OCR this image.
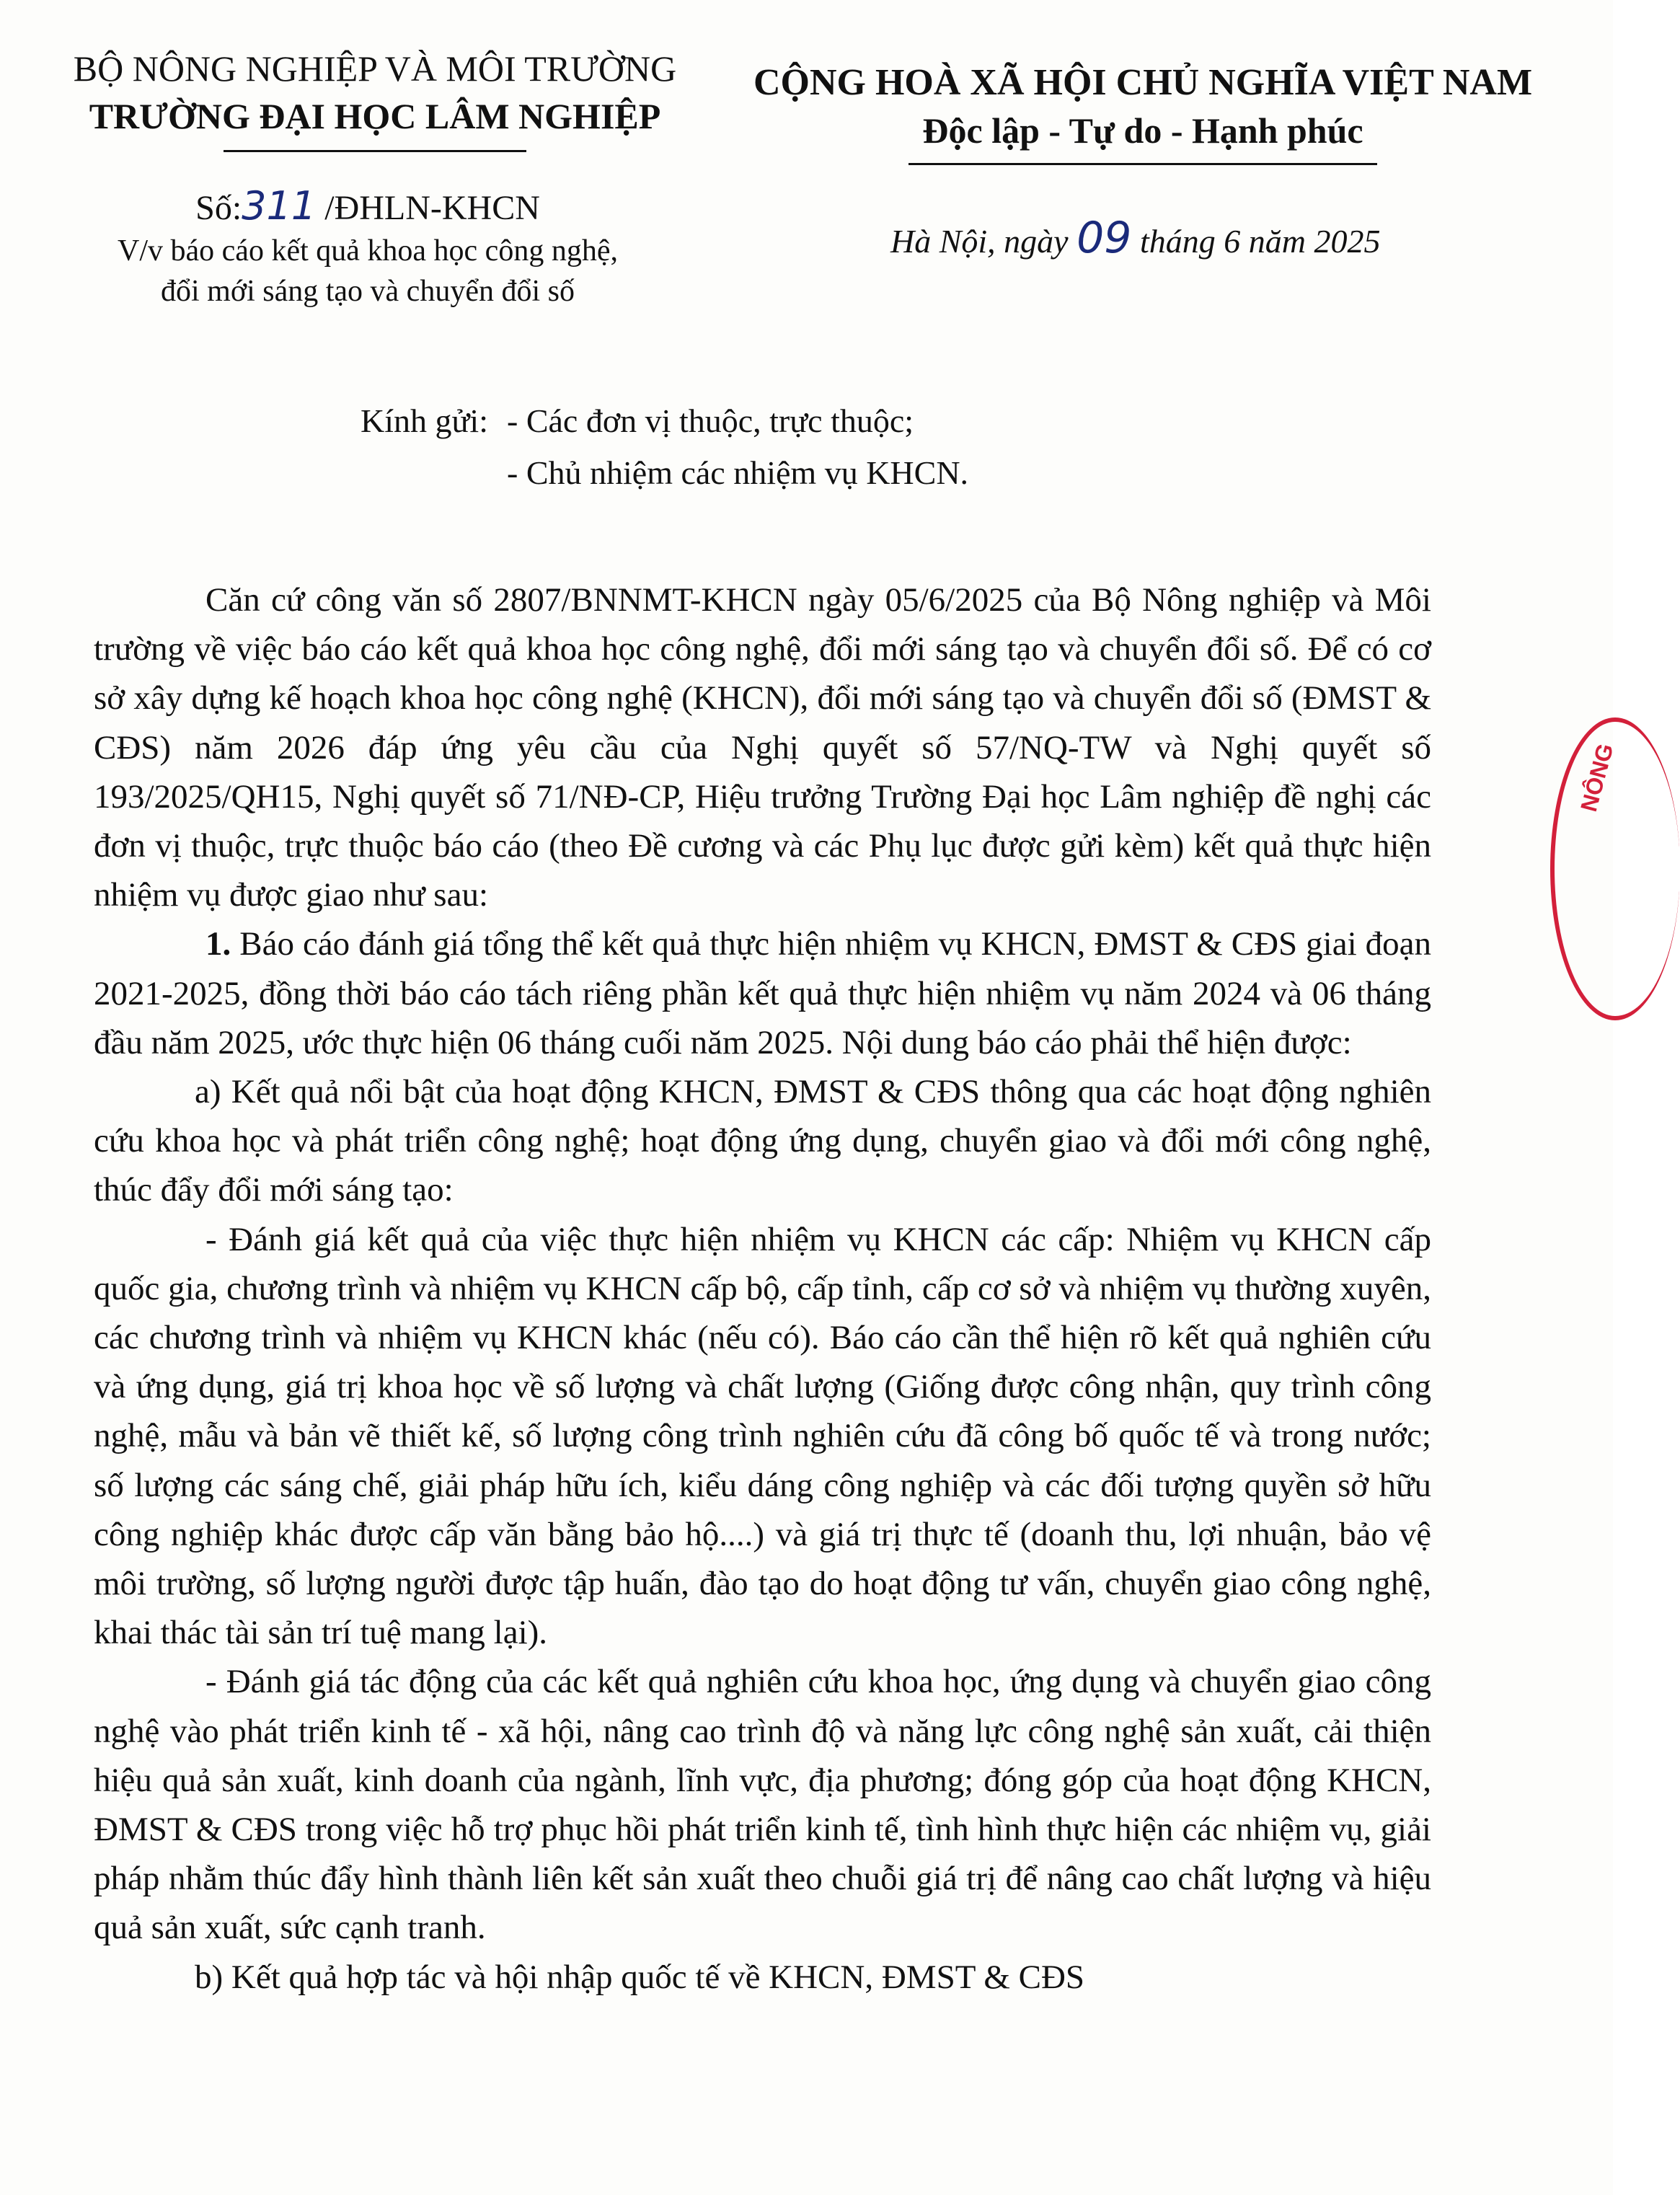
BỘ NÔNG NGHIỆP VÀ MÔI TRƯỜNG
TRƯỜNG ĐẠI HỌC LÂM NGHIỆP
CỘNG HOÀ XÃ HỘI CHỦ NGHĨA VIỆT NAM
Độc lập - Tự do - Hạnh phúc
Số:311 /ĐHLN-KHCN
V/v báo cáo kết quả khoa học công nghệ,
đổi mới sáng tạo và chuyển đổi số
Hà Nội, ngày 09 tháng 6 năm 2025
Kính gửi:	- Các đơn vị thuộc, trực thuộc;
	- Chủ nhiệm các nhiệm vụ KHCN.

Căn cứ công văn số 2807/BNNMT-KHCN ngày 05/6/2025 của Bộ Nông nghiệp và Môi trường về việc báo cáo kết quả khoa học công nghệ, đổi mới sáng tạo và chuyển đổi số. Để có cơ sở xây dựng kế hoạch khoa học công nghệ (KHCN), đổi mới sáng tạo và chuyển đổi số (ĐMST & CĐS) năm 2026 đáp ứng yêu cầu của Nghị quyết số 57/NQ-TW và Nghị quyết số 193/2025/QH15, Nghị quyết số 71/NĐ-CP, Hiệu trưởng Trường Đại học Lâm nghiệp đề nghị các đơn vị thuộc, trực thuộc báo cáo (theo Đề cương và các Phụ lục được gửi kèm) kết quả thực hiện nhiệm vụ được giao như sau:

1. Báo cáo đánh giá tổng thể kết quả thực hiện nhiệm vụ KHCN, ĐMST & CĐS giai đoạn 2021-2025, đồng thời báo cáo tách riêng phần kết quả thực hiện nhiệm vụ năm 2024 và 06 tháng đầu năm 2025, ước thực hiện 06 tháng cuối năm 2025. Nội dung báo cáo phải thể hiện được:

a) Kết quả nổi bật của hoạt động KHCN, ĐMST & CĐS thông qua các hoạt động nghiên cứu khoa học và phát triển công nghệ; hoạt động ứng dụng, chuyển giao và đổi mới công nghệ, thúc đẩy đổi mới sáng tạo:

- Đánh giá kết quả của việc thực hiện nhiệm vụ KHCN các cấp: Nhiệm vụ KHCN cấp quốc gia, chương trình và nhiệm vụ KHCN cấp bộ, cấp tỉnh, cấp cơ sở và nhiệm vụ thường xuyên, các chương trình và nhiệm vụ KHCN khác (nếu có). Báo cáo cần thể hiện rõ kết quả nghiên cứu và ứng dụng, giá trị khoa học về số lượng và chất lượng (Giống được công nhận, quy trình công nghệ, mẫu và bản vẽ thiết kế, số lượng công trình nghiên cứu đã công bố quốc tế và trong nước; số lượng các sáng chế, giải pháp hữu ích, kiểu dáng công nghiệp và các đối tượng quyền sở hữu công nghiệp khác được cấp văn bằng bảo hộ....) và giá trị thực tế (doanh thu, lợi nhuận, bảo vệ môi trường, số lượng người được tập huấn, đào tạo do hoạt động tư vấn, chuyển giao công nghệ, khai thác tài sản trí tuệ mang lại).

- Đánh giá tác động của các kết quả nghiên cứu khoa học, ứng dụng và chuyển giao công nghệ vào phát triển kinh tế - xã hội, nâng cao trình độ và năng lực công nghệ sản xuất, cải thiện hiệu quả sản xuất, kinh doanh của ngành, lĩnh vực, địa phương; đóng góp của hoạt động KHCN, ĐMST & CĐS trong việc hỗ trợ phục hồi phát triển kinh tế, tình hình thực hiện các nhiệm vụ, giải pháp nhằm thúc đẩy hình thành liên kết sản xuất theo chuỗi giá trị để nâng cao chất lượng và hiệu quả sản xuất, sức cạnh tranh.

b) Kết quả hợp tác và hội nhập quốc tế về KHCN, ĐMST & CĐS

NÔNG
